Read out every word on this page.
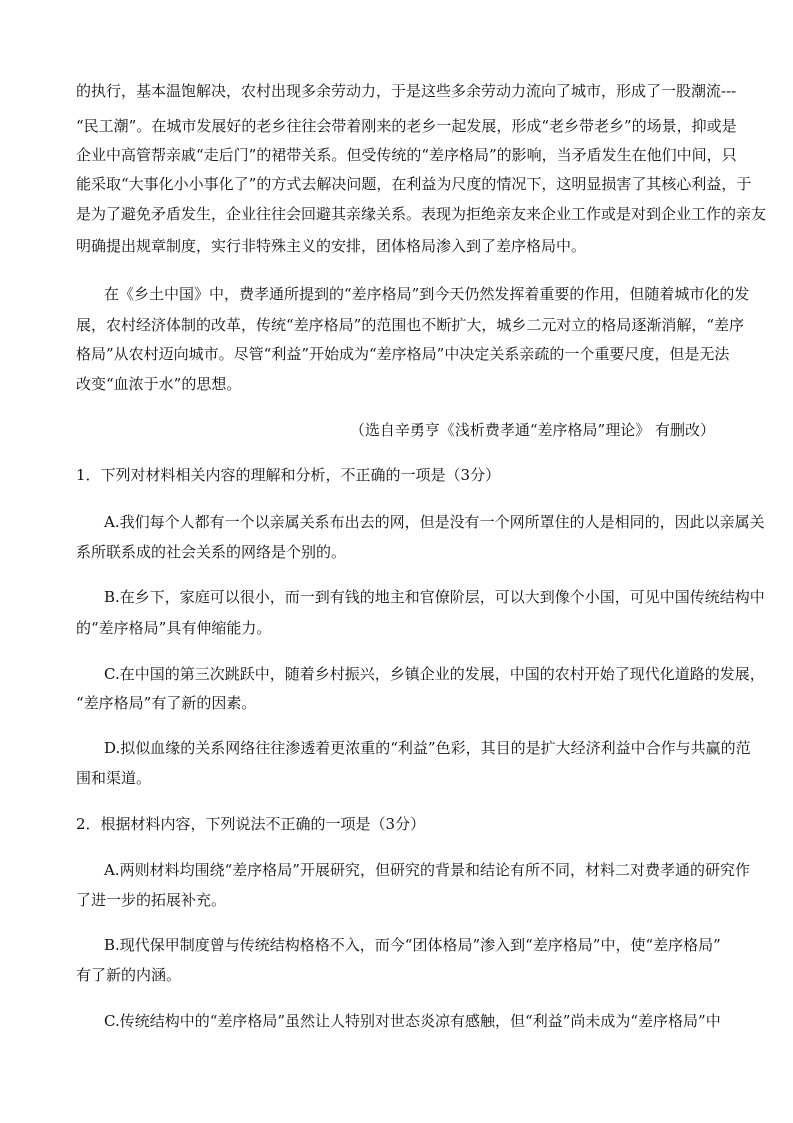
的执行，基本温饱解决，农村出现多余劳动力，于是这些多余劳动力流向了城市，形成了一股潮流---
“民工潮”。在城市发展好的老乡往往会带着刚来的老乡一起发展，形成“老乡带老乡”的场景，抑或是
企业中高管帮亲戚“走后门”的裙带关系。但受传统的“差序格局”的影响，当矛盾发生在他们中间，只
能采取“大事化小小事化了”的方式去解决问题，在利益为尺度的情况下，这明显损害了其核心利益，于
是为了避免矛盾发生，企业往往会回避其亲缘关系。表现为拒绝亲友来企业工作或是对到企业工作的亲友
明确提出规章制度，实行非特殊主义的安排，团体格局渗入到了差序格局中。
在《乡土中国》中，费孝通所提到的“差序格局”到今天仍然发挥着重要的作用，但随着城市化的发
展，农村经济体制的改革，传统“差序格局”的范围也不断扩大，城乡二元对立的格局逐渐消解，“差序
格局”从农村迈向城市。尽管“利益”开始成为“差序格局”中决定关系亲疏的一个重要尺度，但是无法
改变“血浓于水”的思想。
（选自辛勇亨《浅析费孝通“差序格局”理论》 有删改）
1．下列对材料相关内容的理解和分析，不正确的一项是（3分）
A.我们每个人都有一个以亲属关系布出去的网，但是没有一个网所罩住的人是相同的，因此以亲属关
系所联系成的社会关系的网络是个别的。
B.在乡下，家庭可以很小，而一到有钱的地主和官僚阶层，可以大到像个小国，可见中国传统结构中
的“差序格局”具有伸缩能力。
C.在中国的第三次跳跃中，随着乡村振兴，乡镇企业的发展，中国的农村开始了现代化道路的发展，
“差序格局”有了新的因素。
D.拟似血缘的关系网络往往渗透着更浓重的“利益”色彩，其目的是扩大经济利益中合作与共赢的范
围和渠道。
2．根据材料内容，下列说法不正确的一项是（3分）
A.两则材料均围绕“差序格局”开展研究，但研究的背景和结论有所不同，材料二对费孝通的研究作
了进一步的拓展补充。
B.现代保甲制度曾与传统结构格格不入，而今“团体格局”渗入到“差序格局”中，使“差序格局”
有了新的内涵。
C.传统结构中的“差序格局”虽然让人特别对世态炎凉有感触，但“利益”尚未成为“差序格局”中
